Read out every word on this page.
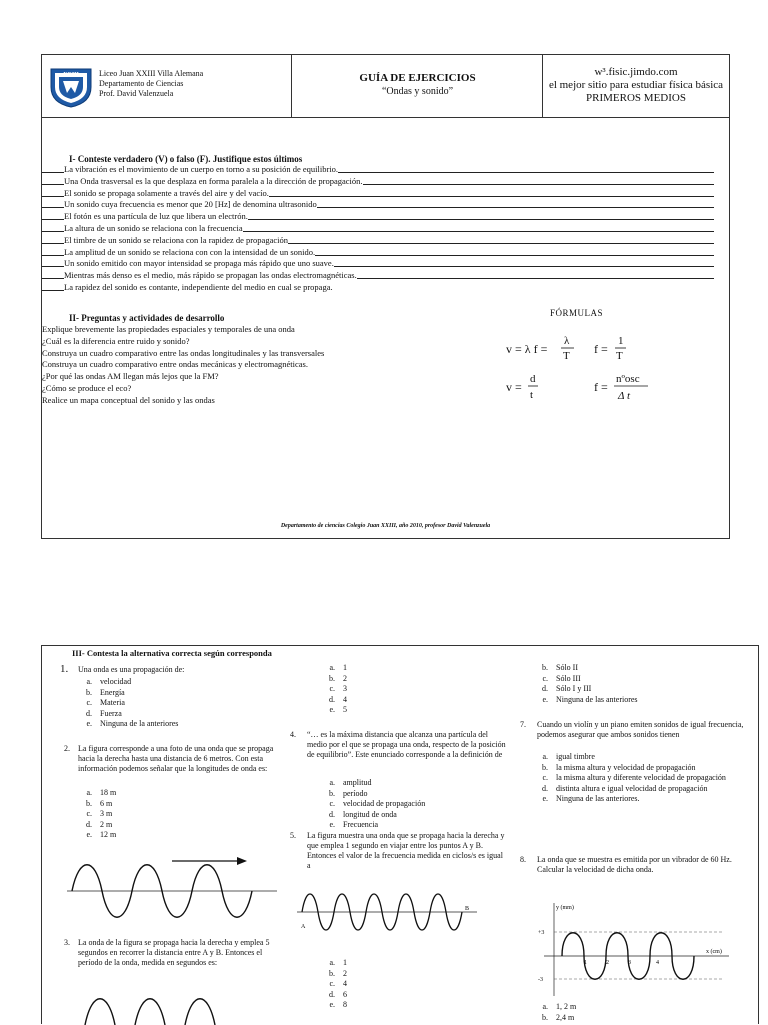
XXIII	Liceo Juan XXIII Villa Alemana
Departamento de Ciencias
Prof. David Valenzuela
GUÍA DE EJERCICIOS
“Ondas y sonido”
w³.fisic.jimdo.com
el mejor sitio para estudiar física básica
PRIMEROS MEDIOS
I- Conteste verdadero (V) o falso (F). Justifique estos últimos
La vibración es el movimiento de un cuerpo en torno a su posición de equilibrio.
Una Onda trasversal es la que desplaza en forma paralela a la dirección de propagación.
El sonido se propaga solamente a través del aire y del vacío.
Un sonido cuya frecuencia es menor que 20 [Hz] de denomina ultrasonido
El fotón es una partícula de luz que libera un electrón.
La altura de un sonido se relaciona con la frecuencia
El timbre de un sonido se relaciona con la rapidez de propagación
La amplitud de un sonido se relaciona con con la intensidad de un sonido.
Un sonido emitido con mayor intensidad se propaga más rápido que uno suave.
Mientras más denso es el medio, más rápido se propagan las ondas electromagnéticas.
La rapidez del sonido es contante, independiente del medio en cual se propaga.
II- Preguntas y actividades de desarrollo
Explique brevemente las propiedades espaciales y temporales de una onda
¿Cuál es la diferencia entre ruido y sonido?
Construya un cuadro comparativo entre las ondas longitudinales y las transversales
Construya un cuadro comparativo entre ondas mecánicas y electromagnéticas.
¿Por qué las ondas AM llegan más lejos que la FM?
¿Cómo se produce el eco?
Realice un mapa conceptual del sonido y las ondas
FÓRMULAS
v = λ f =
λ
T f =
1
T
v =
d
t
f =
nºosc
Δ t
Departamento de ciencias Colegio Juan XXIII, año 2010, profesor David Valenzuela
III- Contesta la alternativa correcta según corresponda
1. Una onda es una propagación de:
a. velocidad
b. Energía
c. Materia
d. Fuerza
e. Ninguna de la anteriores
2. La figura corresponde a una foto de una onda que se propaga hacia la derecha hasta una distancia de 6 metros. Con esta información podemos señalar que la longitudes de onda es:
a. 18 m
b. 6 m
c. 3 m
d. 2 m
e. 12 m
3. La onda de la figura se propaga hacia la derecha y emplea 5 segundos en recorrer la distancia entre A y B. Entonces el período de la onda, medida en segundos es:
a. 1
b. 2
c. 3
d. 4
e. 5
4. “… es la máxima distancia que alcanza una partícula del medio por el que se propaga una onda, respecto de la posición de equilibrio”. Este enunciado corresponde a la definición de
a. amplitud
b. período
c. velocidad de propagación
d. longitud de onda
e. Frecuencia
5. La figura muestra una onda que se propaga hacia la derecha y que emplea 1 segundo en viajar entre los puntos A y B. Entonces el valor de la frecuencia medida en ciclos/s es igual a
A
B
a. 1
b. 2
c. 4
d. 6
e. 8
b. Sólo II
c. Sólo III
d. Sólo I y III
e. Ninguna de las anteriores
7. Cuando un violín y un piano emiten sonidos de igual frecuencia, podemos asegurar que ambos sonidos tienen
a. igual timbre
b. la misma altura y velocidad de propagación
c. la misma altura y diferente velocidad de propagación
d. distinta altura e igual velocidad de propagación
e. Ninguna de las anteriores.
8. La onda que se muestra es emitida por un vibrador de 60 Hz. Calcular la velocidad de dicha onda.
y (mm)
x (cm)
+3
-3
1	2	3	4
a. 1, 2 m
b. 2,4 m
